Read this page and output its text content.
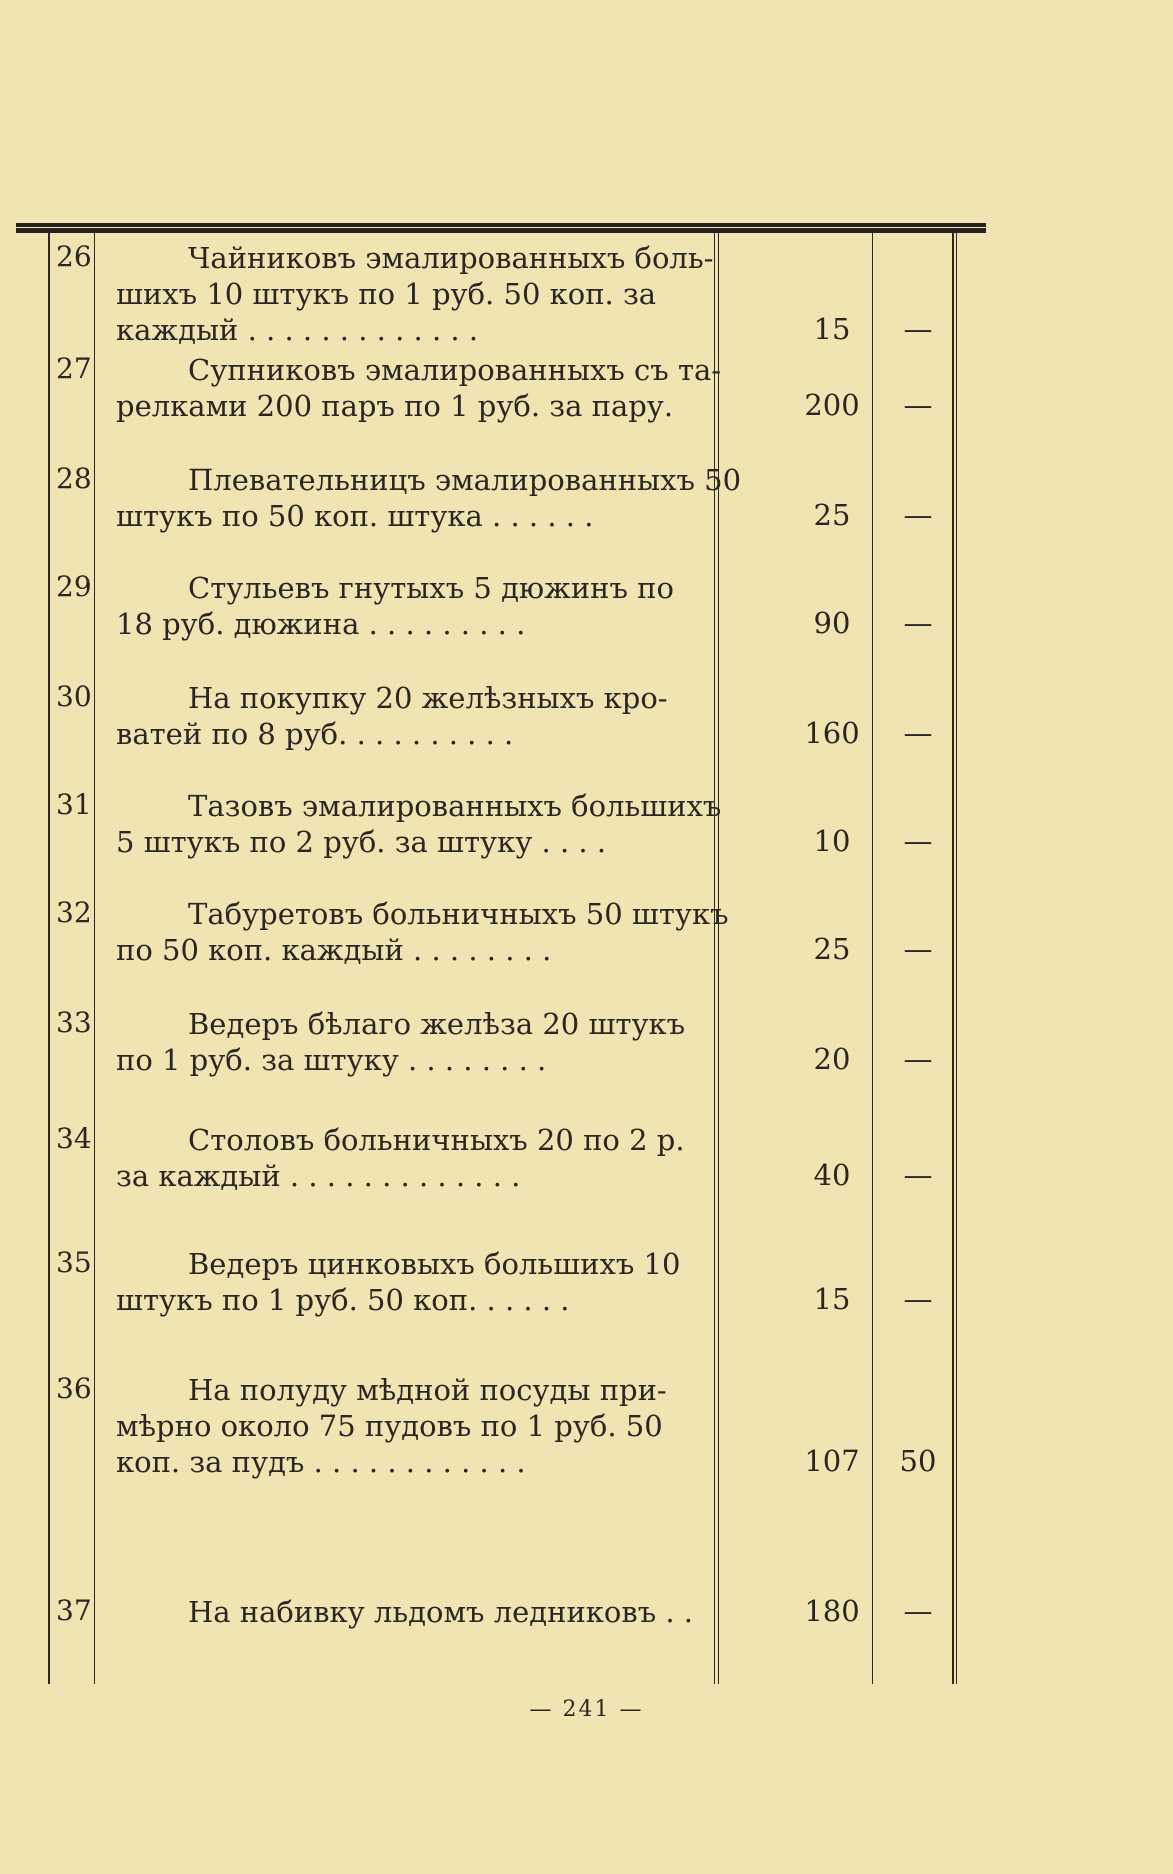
26	Чайниковъ эмалированныхъ боль-
шихъ 10 штукъ по 1 руб. 50 коп. за
каждый . . . . . . . . . . . . .	15	—
27	Супниковъ эмалированныхъ съ та-
релками 200 паръ по 1 руб. за пару.	200	—
28	Плевательницъ эмалированныхъ 50
штукъ по 50 коп. штука . . . . . .	25	—
29	Стульевъ гнутыхъ 5 дюжинъ по
18 руб. дюжина . . . . . . . . .	90	—
30	На покупку 20 желѣзныхъ кро-
ватей по 8 руб. . . . . . . . . .	160	—
31	Тазовъ эмалированныхъ большихъ
5 штукъ по 2 руб. за штуку . . . .	10	—
32	Табуретовъ больничныхъ 50 штукъ
по 50 коп. каждый . . . . . . . .	25	—
33	Ведеръ бѣлаго желѣза 20 штукъ
по 1 руб. за штуку . . . . . . . .	20	—
34	Столовъ больничныхъ 20 по 2 р.
за каждый . . . . . . . . . . . . .	40	—
35	Ведеръ цинковыхъ большихъ 10
штукъ по 1 руб. 50 коп. . . . . .	15	—
36	На полуду мѣдной посуды при-
мѣрно около 75 пудовъ по 1 руб. 50
коп. за пудъ . . . . . . . . . . . .	107	50
37	На набивку льдомъ ледниковъ . .	180	—
— 241 —
